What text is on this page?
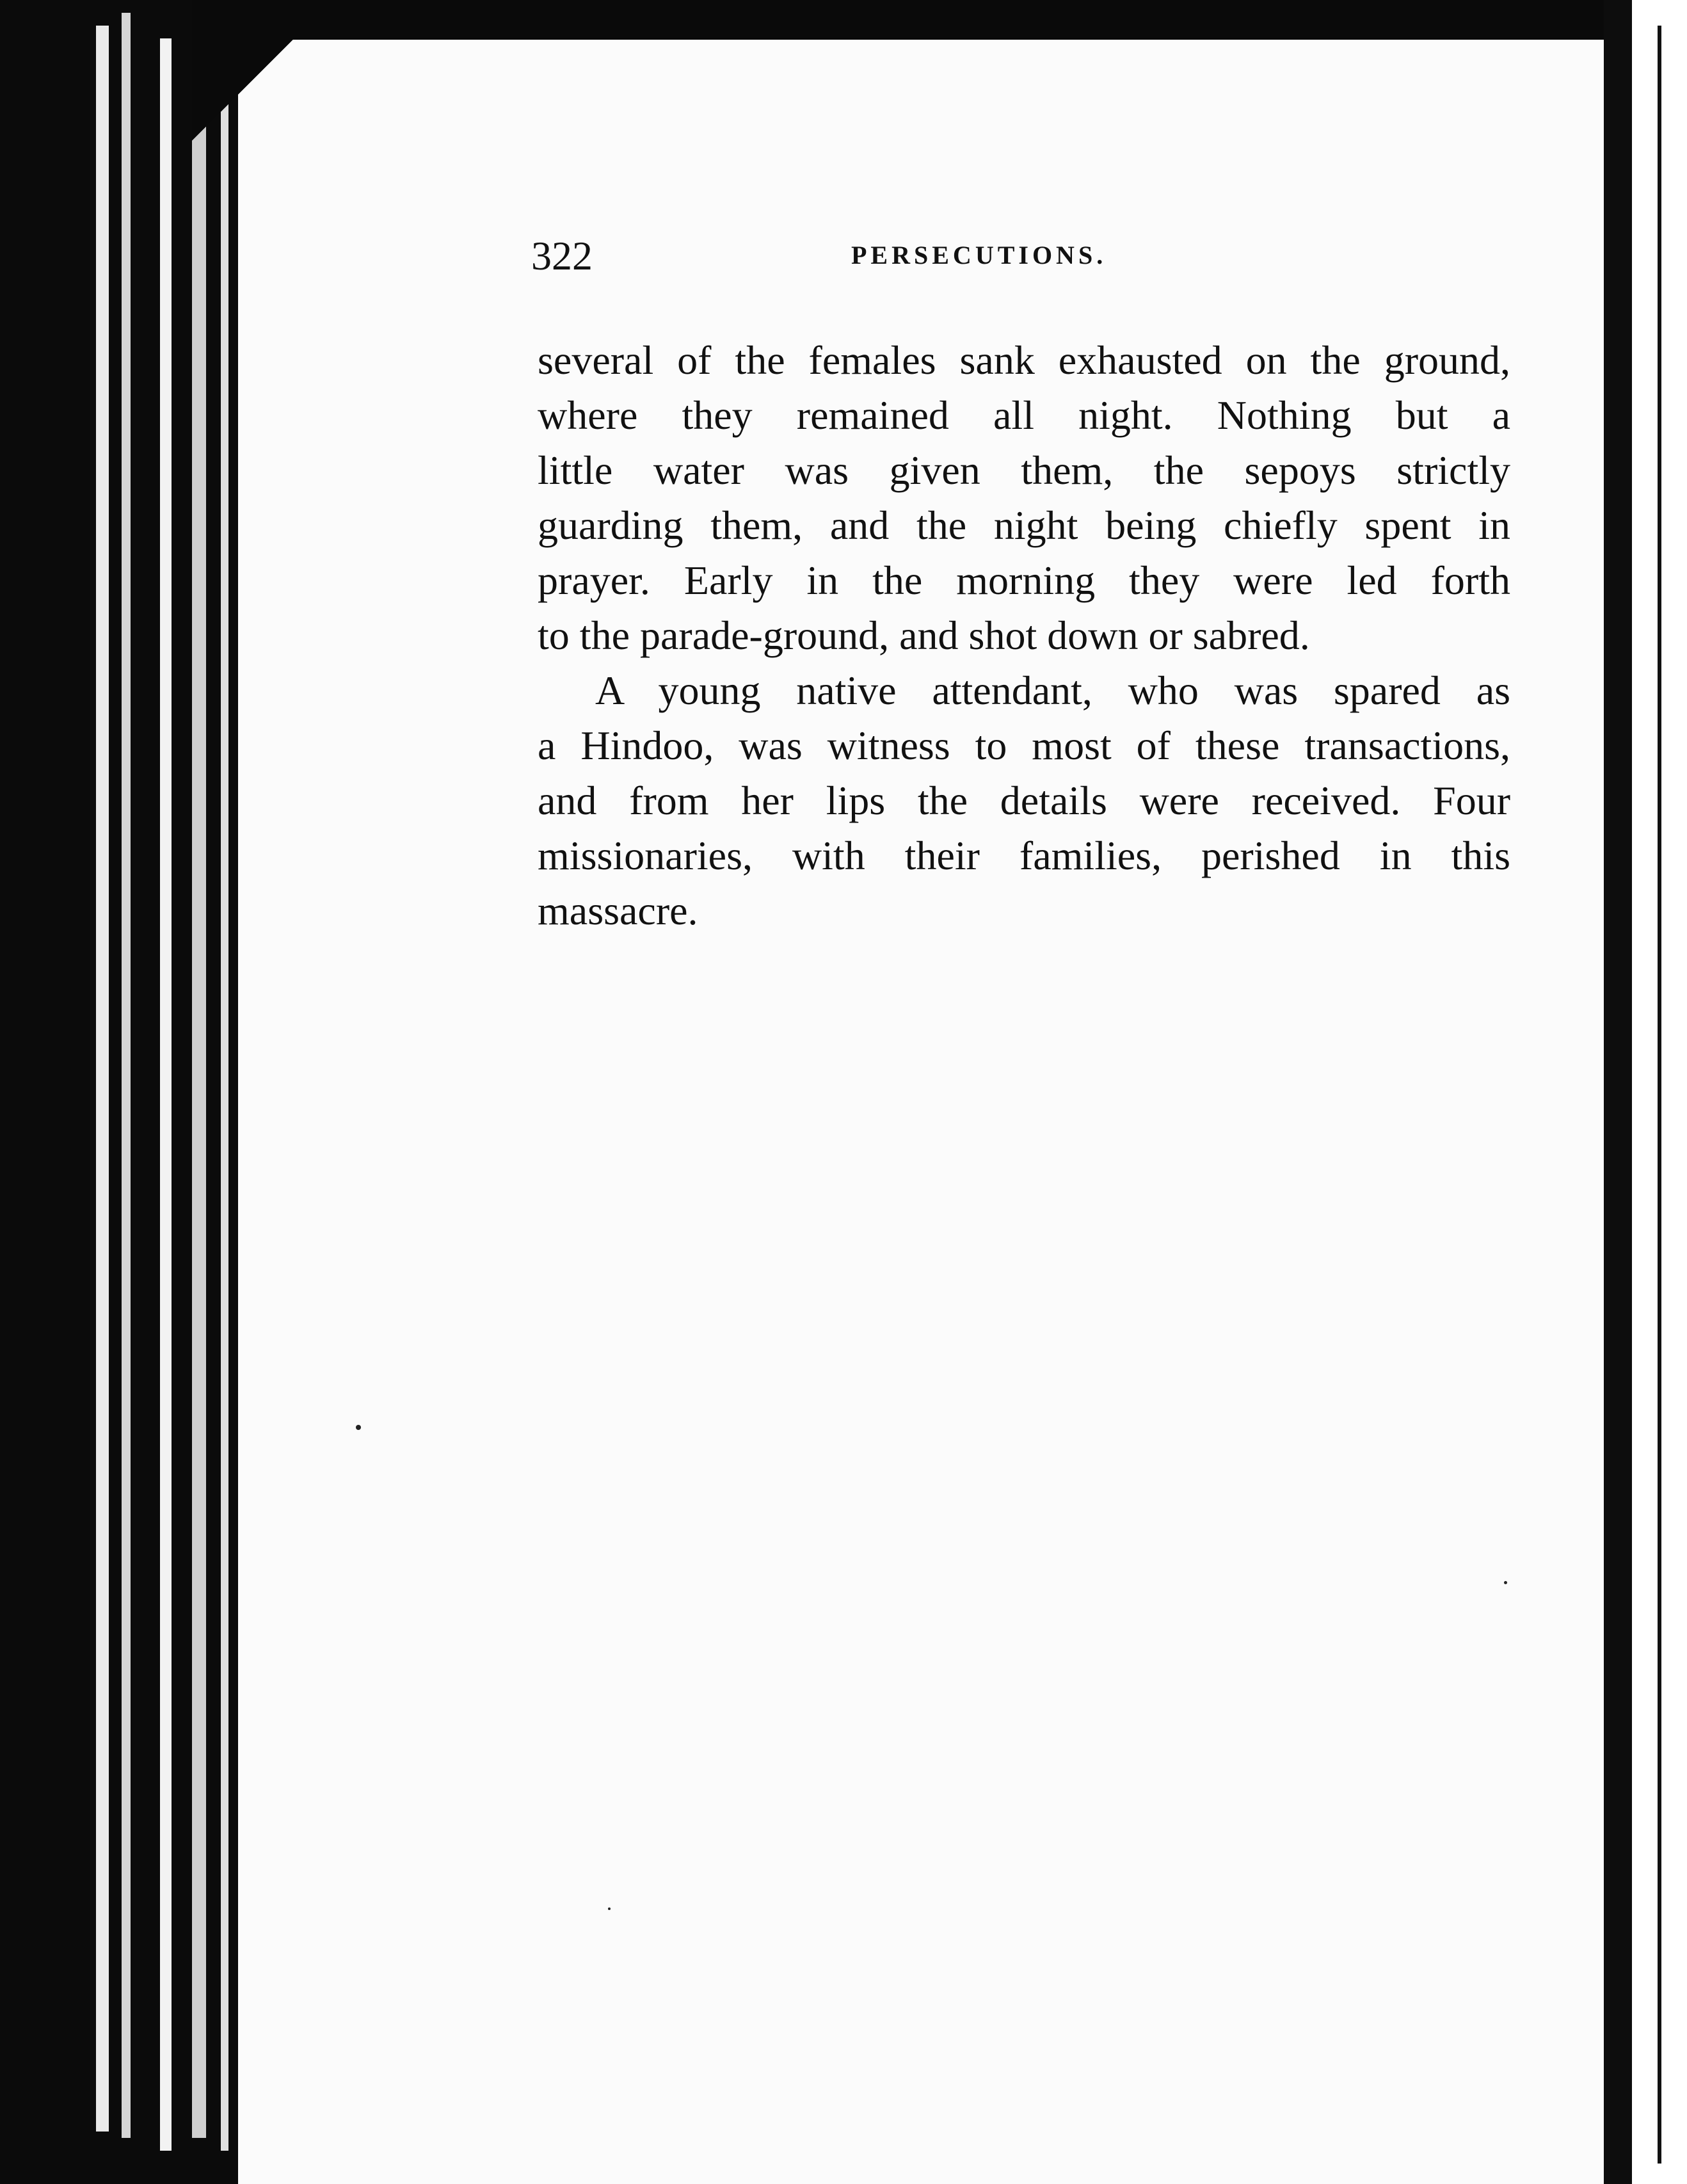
322	PERSECUTIONS.
several of the females sank exhausted on the ground,
where they remained all night. Nothing but a
little water was given them, the sepoys strictly
guarding them, and the night being chiefly spent in
prayer. Early in the morning they were led forth
to the parade-ground, and shot down or sabred.
A young native attendant, who was spared as
a Hindoo, was witness to most of these transactions,
and from her lips the details were received. Four
missionaries, with their families, perished in this
massacre.
